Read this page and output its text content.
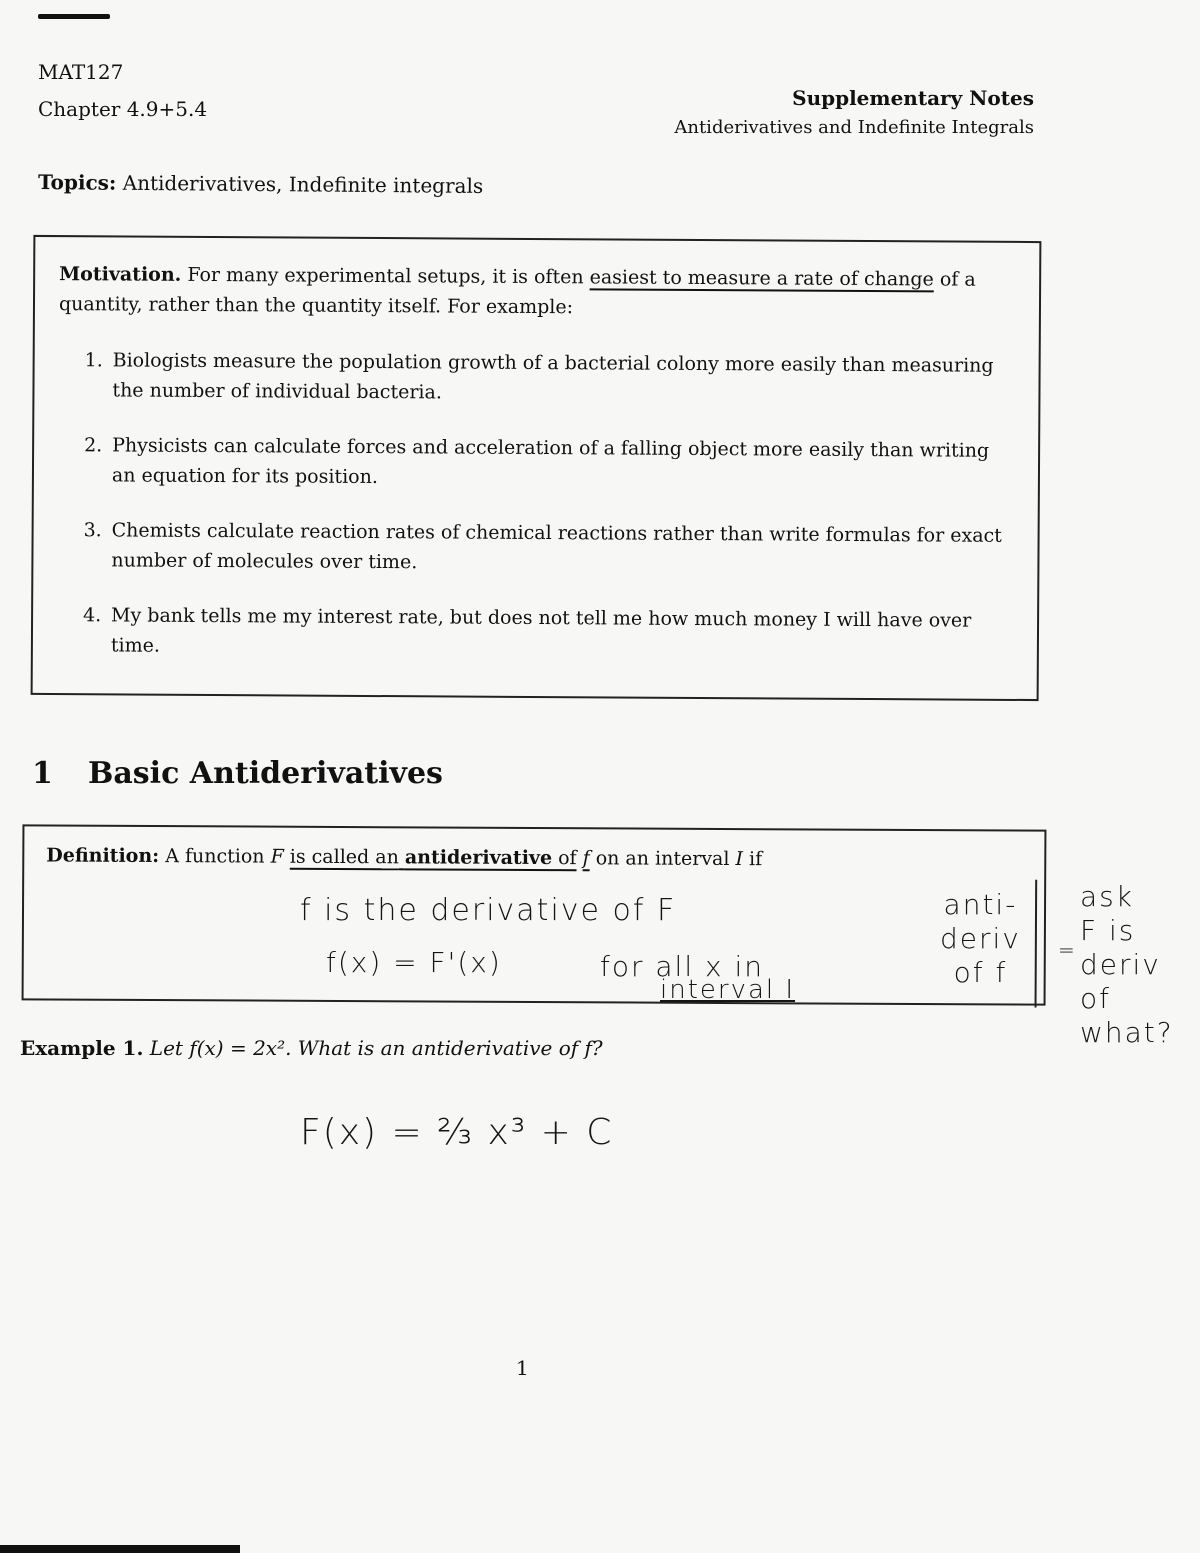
MAT127
Chapter 4.9+5.4	Supplementary Notes
Antiderivatives and Indefinite Integrals
Topics: Antiderivatives, Indefinite integrals
Motivation. For many experimental setups, it is often easiest to measure a rate of change of a quantity, rather than the quantity itself. For example:
1. Biologists measure the population growth of a bacterial colony more easily than measuring the number of individual bacteria.
2. Physicists can calculate forces and acceleration of a falling object more easily than writing an equation for its position.
3. Chemists calculate reaction rates of chemical reactions rather than write formulas for exact number of molecules over time.
4. My bank tells me my interest rate, but does not tell me how much money I will have over time.
1 Basic Antiderivatives
Definition: A function F is called an antiderivative of f on an interval I if
f is the derivative of F
f(x) = F'(x)	for all x in
interval I
anti-
deriv
of f
=
ask
F is
deriv
of
what?
Example 1. Let f(x) = 2x². What is an antiderivative of f?
F(x) = ⅔ x³ + C
1
